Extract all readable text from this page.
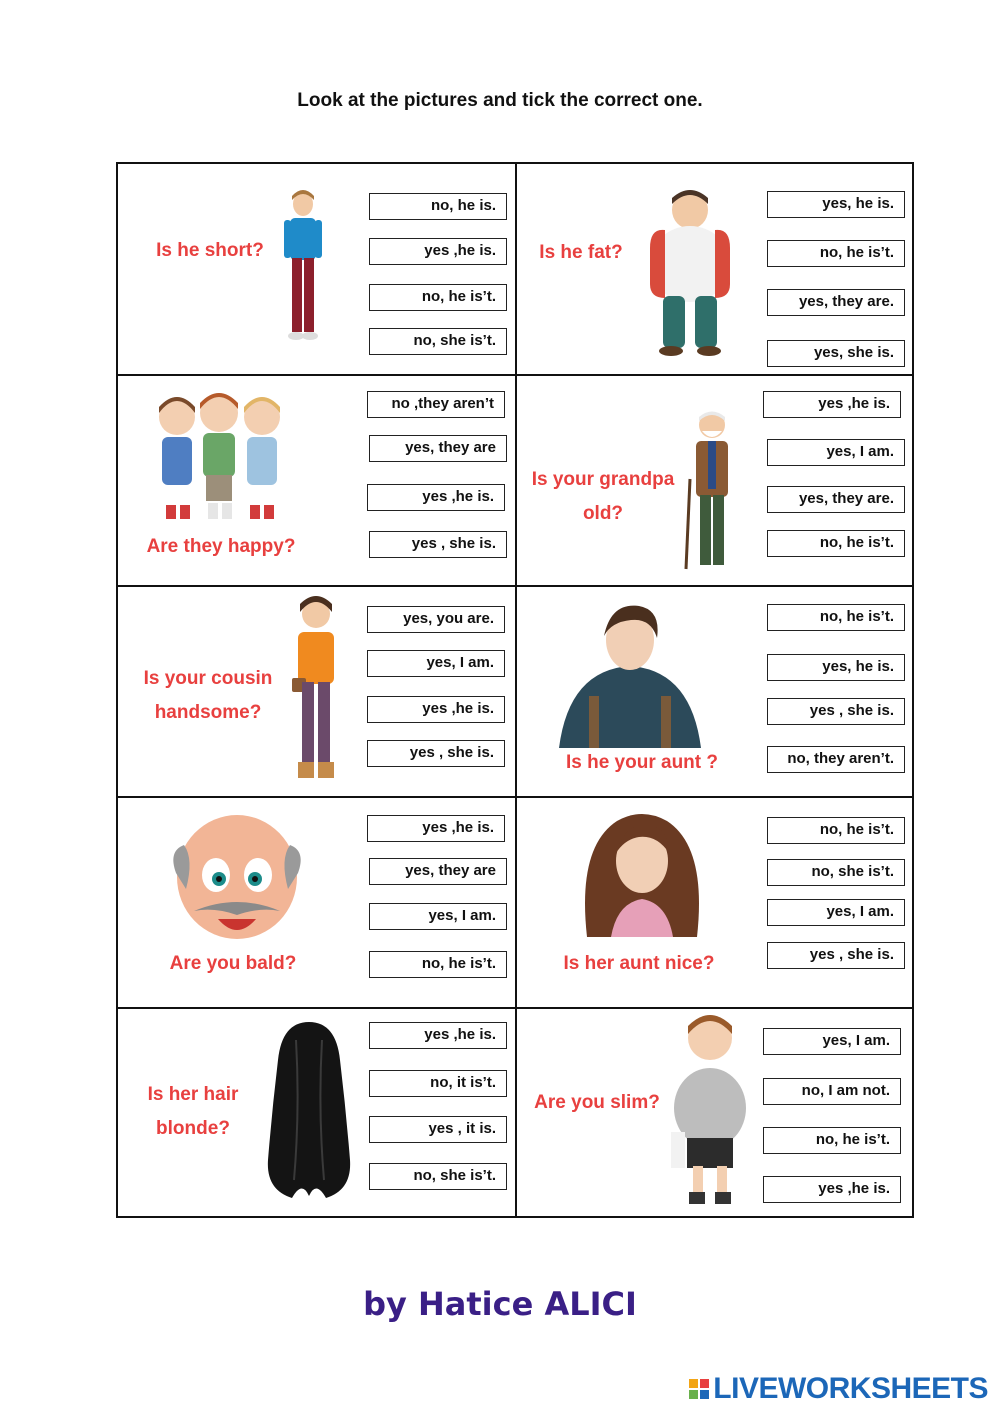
Look at the pictures and tick the correct one.
Is he short?
no, he is.
yes ,he is.
no, he is’t.
no, she is’t.
Is he fat?
yes, he is.
no, he is’t.
yes, they are.
yes, she is.
Are they happy?
no ,they aren’t
yes, they are
yes ,he is.
yes , she is.
Is your grandpa
old?
yes ,he is.
yes, I am.
yes, they are.
no, he is’t.
Is your cousin
handsome?
yes, you are.
yes, I am.
yes ,he is.
yes , she is.	Is he your aunt ?
no, he is’t.
yes, he is.
yes , she is.
no, they aren’t.
Are you bald?
yes ,he is.
yes, they are
yes, I am.
no, he is’t.	Is her aunt nice?
no, he is’t.
no, she is’t.
yes, I am.
yes , she is.
Is her hair
blonde?
yes ,he is.
no, it is’t.
yes , it is.
no, she is’t.
Are you slim?
yes, I am.
no, I am not.
no, he is’t.
yes ,he is.
by Hatice ALICI
LIVEWORKSHEETS
